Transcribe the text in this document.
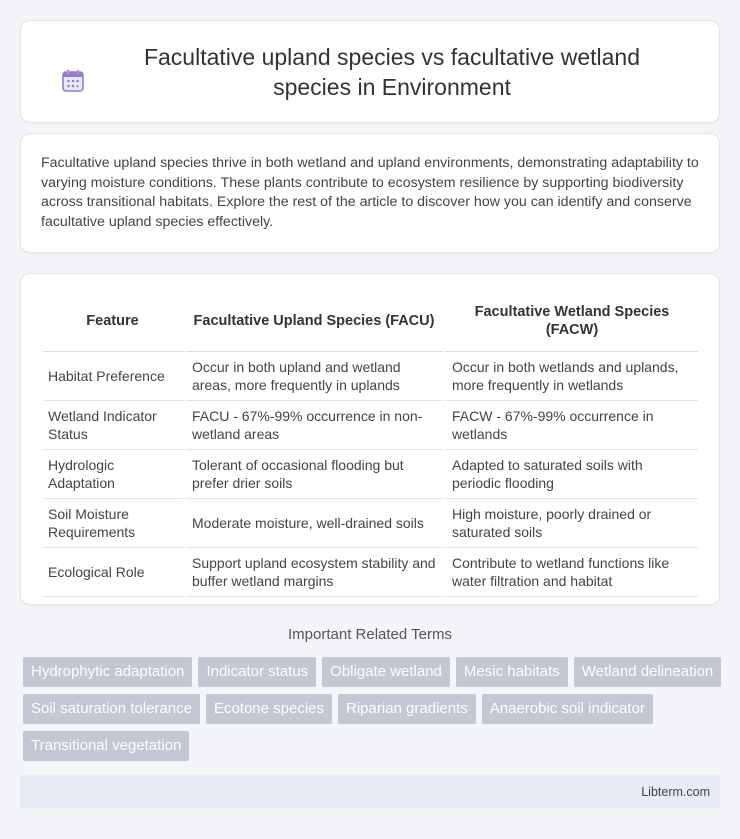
Facultative upland species vs facultative wetland species in Environment

Facultative upland species thrive in both wetland and upland environments, demonstrating adaptability to varying moisture conditions. These plants contribute to ecosystem resilience by supporting biodiversity across transitional habitats. Explore the rest of the article to discover how you can identify and conserve facultative upland species effectively.

Feature	Facultative Upland Species (FACU)	Facultative Wetland Species (FACW)
Habitat Preference	Occur in both upland and wetland areas, more frequently in uplands	Occur in both wetlands and uplands, more frequently in wetlands
Wetland Indicator Status	FACU - 67%-99% occurrence in non-wetland areas	FACW - 67%-99% occurrence in wetlands
Hydrologic Adaptation	Tolerant of occasional flooding but prefer drier soils	Adapted to saturated soils with periodic flooding
Soil Moisture Requirements	Moderate moisture, well-drained soils	High moisture, poorly drained or saturated soils
Ecological Role	Support upland ecosystem stability and buffer wetland margins	Contribute to wetland functions like water filtration and habitat
Important Related Terms
Hydrophytic adaptation	Indicator status	Obligate wetland	Mesic habitats	Wetland delineation
Soil saturation tolerance	Ecotone species	Riparian gradients	Anaerobic soil indicator
Transitional vegetation
Libterm.com
